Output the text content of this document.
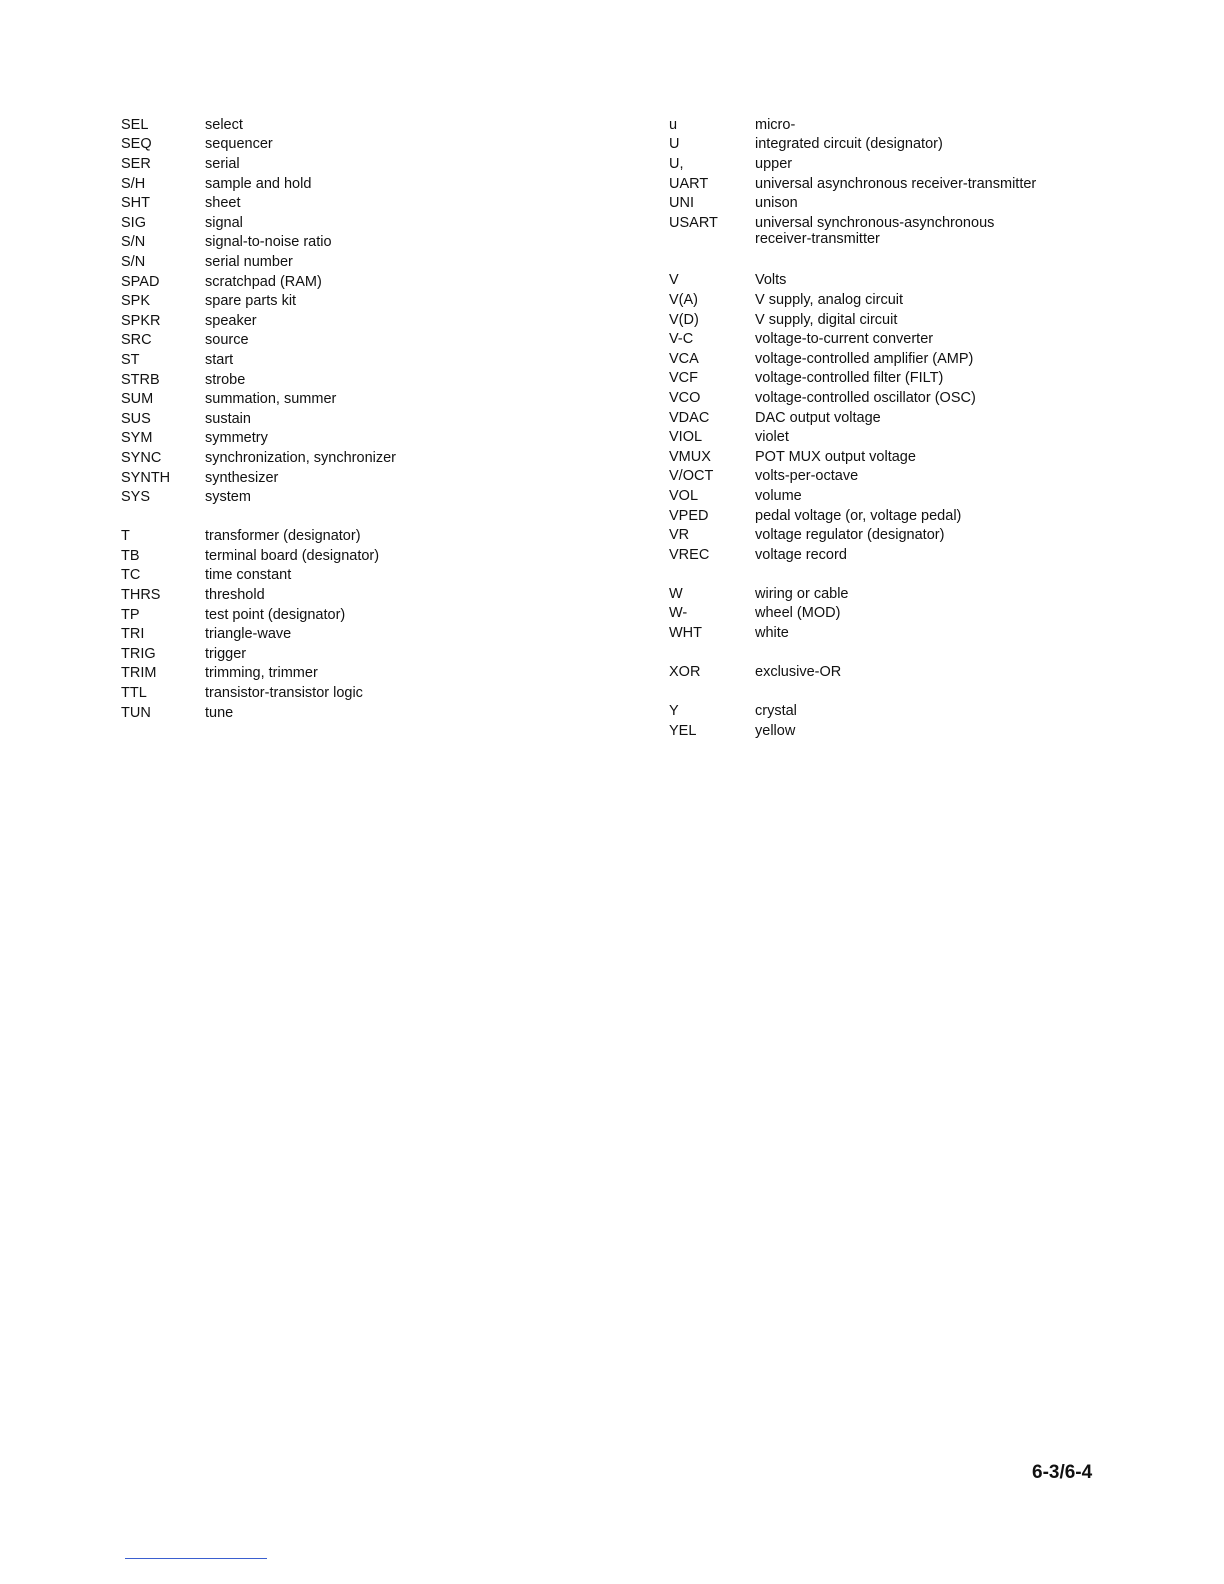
SEL	select
SEQ	sequencer
SER	serial
S/H	sample and hold
SHT	sheet
SIG	signal
S/N	signal-to-noise ratio
S/N	serial number
SPAD	scratchpad (RAM)
SPK	spare parts kit
SPKR	speaker
SRC	source
ST	start
STRB	strobe
SUM	summation, summer
SUS	sustain
SYM	symmetry
SYNC	synchronization, synchronizer
SYNTH	synthesizer
SYS	system
T	transformer (designator)
TB	terminal board (designator)
TC	time constant
THRS	threshold
TP	test point (designator)
TRI	triangle-wave
TRIG	trigger
TRIM	trimming, trimmer
TTL	transistor-transistor logic
TUN	tune
u	micro-
U	integrated circuit (designator)
U,	upper
UART	universal asynchronous receiver-transmitter
UNI	unison
USART	universal synchronous-asynchronous
receiver-transmitter
V	Volts
V(A)	V supply, analog circuit
V(D)	V supply, digital circuit
V-C	voltage-to-current converter
VCA	voltage-controlled amplifier (AMP)
VCF	voltage-controlled filter (FILT)
VCO	voltage-controlled oscillator (OSC)
VDAC	DAC output voltage
VIOL	violet
VMUX	POT MUX output voltage
V/OCT	volts-per-octave
VOL	volume
VPED	pedal voltage (or, voltage pedal)
VR	voltage regulator (designator)
VREC	voltage record
W	wiring or cable
W-	wheel (MOD)
WHT	white
XOR	exclusive-OR
Y	crystal
YEL	yellow
6-3/6-4
